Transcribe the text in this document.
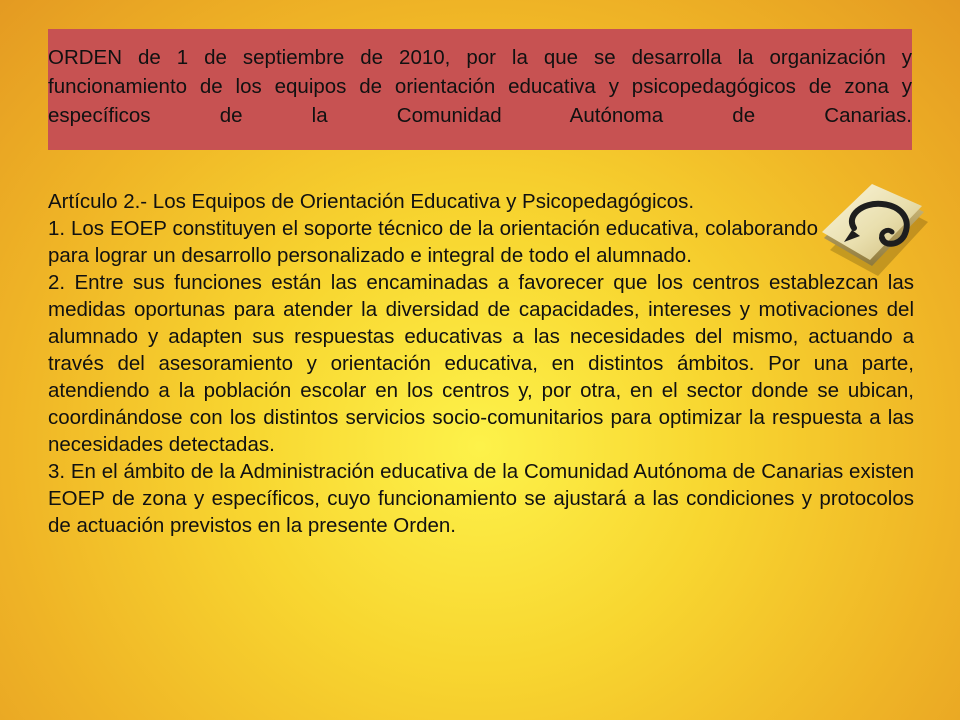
ORDEN de 1 de septiembre de 2010, por la que se desarrolla la organización y funcionamiento de los equipos de orientación educativa y psicopedagógicos de zona y específicos de la Comunidad Autónoma de Canarias.

Artículo 2.- Los Equipos de Orientación Educativa y Psicopedagógicos.

1. Los EOEP constituyen el soporte técnico de la orientación educativa, colaborando para lograr un desarrollo personalizado e integral de todo el alumnado.

2. Entre sus funciones están las encaminadas a favorecer que los centros establezcan las medidas oportunas para atender la diversidad de capacidades, intereses y motivaciones del alumnado y adapten sus respuestas educativas a las necesidades del mismo, actuando a través del asesoramiento y orientación educativa, en distintos ámbitos. Por una parte, atendiendo a la población escolar en los centros y, por otra, en el sector donde se ubican, coordinándose con los distintos servicios socio-comunitarios para optimizar la respuesta a las necesidades detectadas.

3. En el ámbito de la Administración educativa de la Comunidad Autónoma de Canarias existen EOEP de zona y específicos, cuyo funcionamiento se ajustará a las condiciones y protocolos de actuación previstos en la presente Orden.
